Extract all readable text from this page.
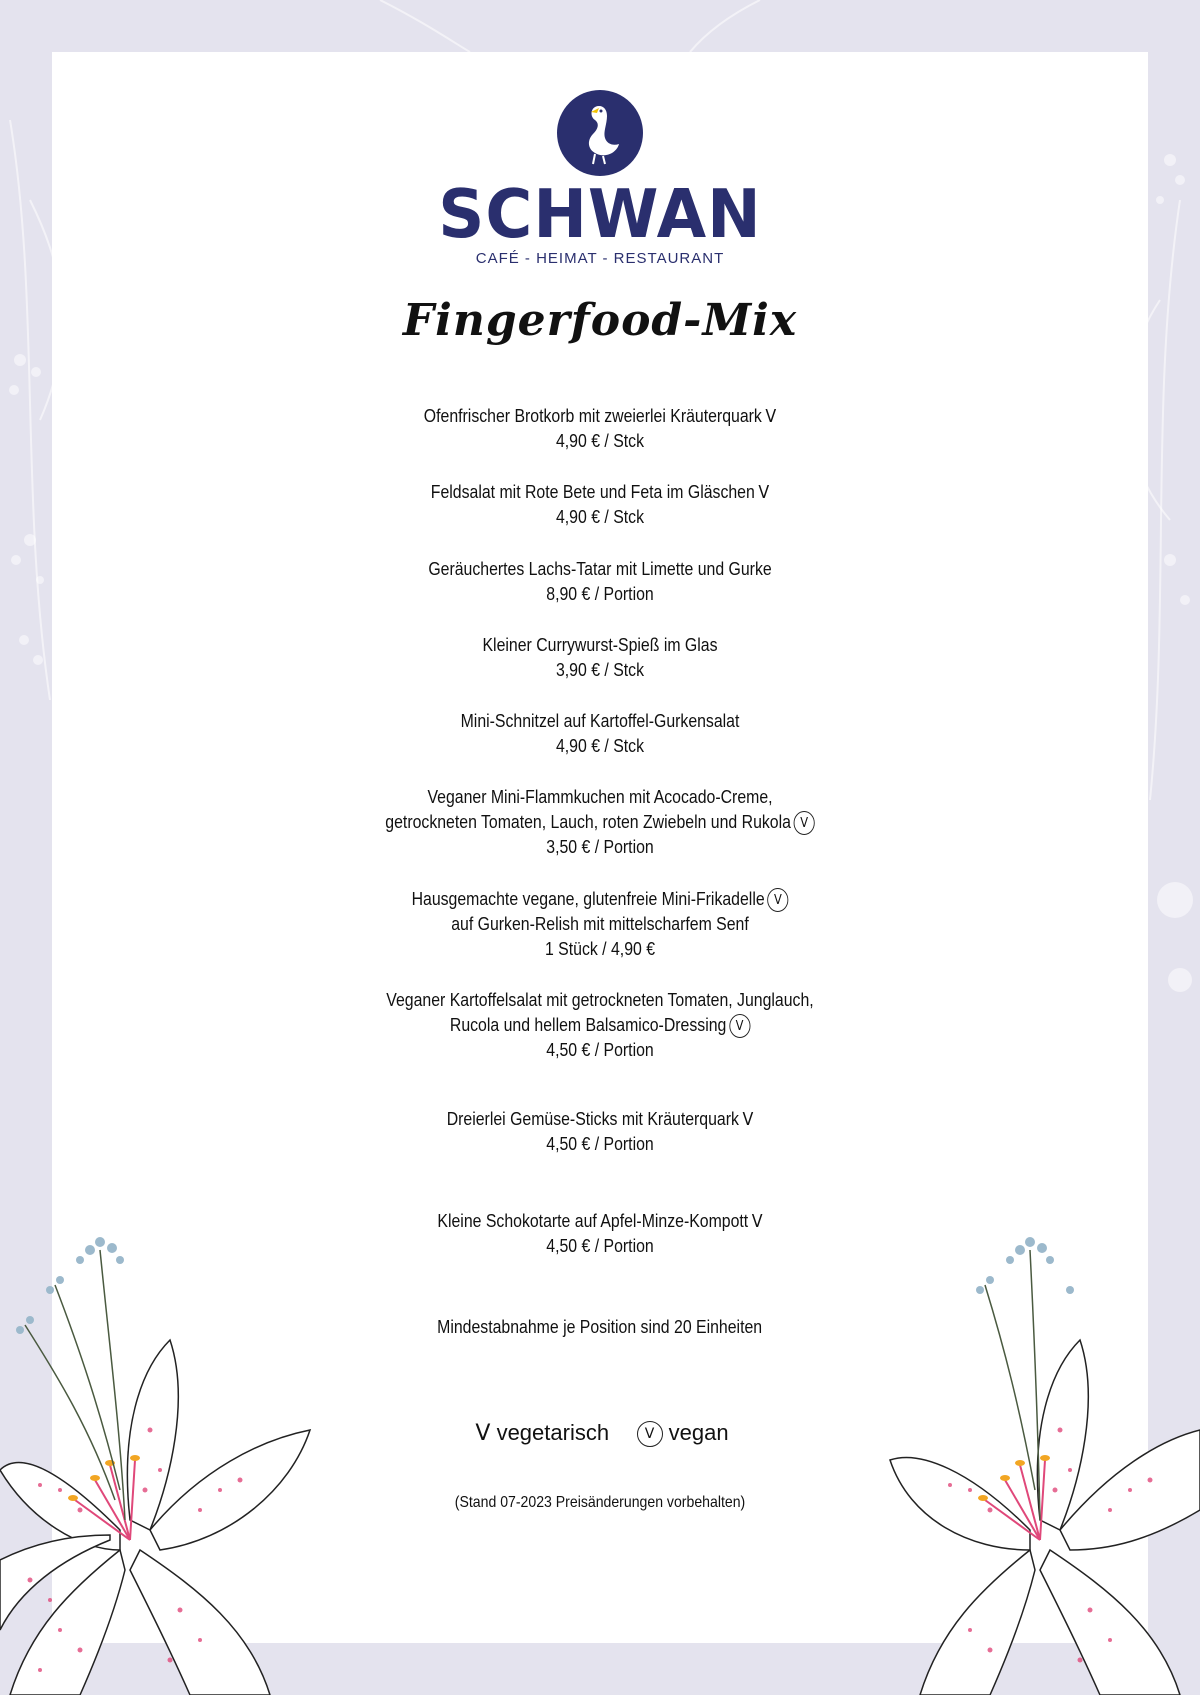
SCHWAN
CAFÉ - HEIMAT - RESTAURANT
Fingerfood-Mix
Ofenfrischer Brotkorb mit zweierlei Kräuterquark V
4,90 € / Stck
Feldsalat mit Rote Bete und Feta im Gläschen V
4,90 € / Stck
Geräuchertes Lachs-Tatar mit Limette und Gurke
8,90 € / Portion
Kleiner Currywurst-Spieß im Glas
3,90 € / Stck
Mini-Schnitzel auf Kartoffel-Gurkensalat
4,90 € / Stck
Veganer Mini-Flammkuchen mit Acocado-Creme,
getrockneten Tomaten, Lauch, roten Zwiebeln und Rukola V
3,50 € / Portion
Hausgemachte vegane, glutenfreie Mini-Frikadelle V
auf Gurken-Relish mit mittelscharfem Senf
1 Stück / 4,90 €
Veganer Kartoffelsalat mit getrockneten Tomaten, Junglauch,
Rucola und hellem Balsamico-Dressing V
4,50 € / Portion
Dreierlei Gemüse-Sticks mit Kräuterquark V
4,50 € / Portion
Kleine Schokotarte auf Apfel-Minze-Kompott V
4,50 € / Portion
Mindestabnahme je Position sind 20 Einheiten
V vegetarisch	V vegan
(Stand 07-2023 Preisänderungen vorbehalten)
